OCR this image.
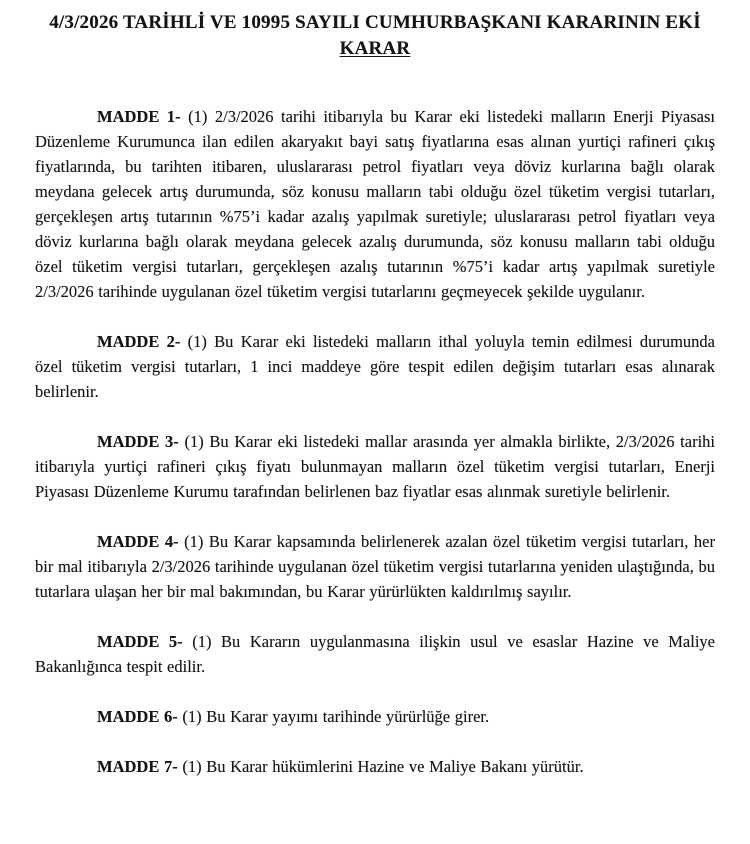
4/3/2026 TARİHLİ VE 10995 SAYILI CUMHURBAŞKANI KARARININ EKİ
KARAR

MADDE 1- (1) 2/3/2026 tarihi itibarıyla bu Karar eki listedeki malların Enerji Piyasası Düzenleme Kurumunca ilan edilen akaryakıt bayi satış fiyatlarına esas alınan yurtiçi rafineri çıkış fiyatlarında, bu tarihten itibaren, uluslararası petrol fiyatları veya döviz kurlarına bağlı olarak meydana gelecek artış durumunda, söz konusu malların tabi olduğu özel tüketim vergisi tutarları, gerçekleşen artış tutarının %75’i kadar azalış yapılmak suretiyle; uluslararası petrol fiyatları veya döviz kurlarına bağlı olarak meydana gelecek azalış durumunda, söz konusu malların tabi olduğu özel tüketim vergisi tutarları, gerçekleşen azalış tutarının %75’i kadar artış yapılmak suretiyle 2/3/2026 tarihinde uygulanan özel tüketim vergisi tutarlarını geçmeyecek şekilde uygulanır.

MADDE 2- (1) Bu Karar eki listedeki malların ithal yoluyla temin edilmesi durumunda özel tüketim vergisi tutarları, 1 inci maddeye göre tespit edilen değişim tutarları esas alınarak belirlenir.

MADDE 3- (1) Bu Karar eki listedeki mallar arasında yer almakla birlikte, 2/3/2026 tarihi itibarıyla yurtiçi rafineri çıkış fiyatı bulunmayan malların özel tüketim vergisi tutarları, Enerji Piyasası Düzenleme Kurumu tarafından belirlenen baz fiyatlar esas alınmak suretiyle belirlenir.

MADDE 4- (1) Bu Karar kapsamında belirlenerek azalan özel tüketim vergisi tutarları, her bir mal itibarıyla 2/3/2026 tarihinde uygulanan özel tüketim vergisi tutarlarına yeniden ulaştığında, bu tutarlara ulaşan her bir mal bakımından, bu Karar yürürlükten kaldırılmış sayılır.

MADDE 5- (1) Bu Kararın uygulanmasına ilişkin usul ve esaslar Hazine ve Maliye Bakanlığınca tespit edilir.

MADDE 6- (1) Bu Karar yayımı tarihinde yürürlüğe girer.

MADDE 7- (1) Bu Karar hükümlerini Hazine ve Maliye Bakanı yürütür.
